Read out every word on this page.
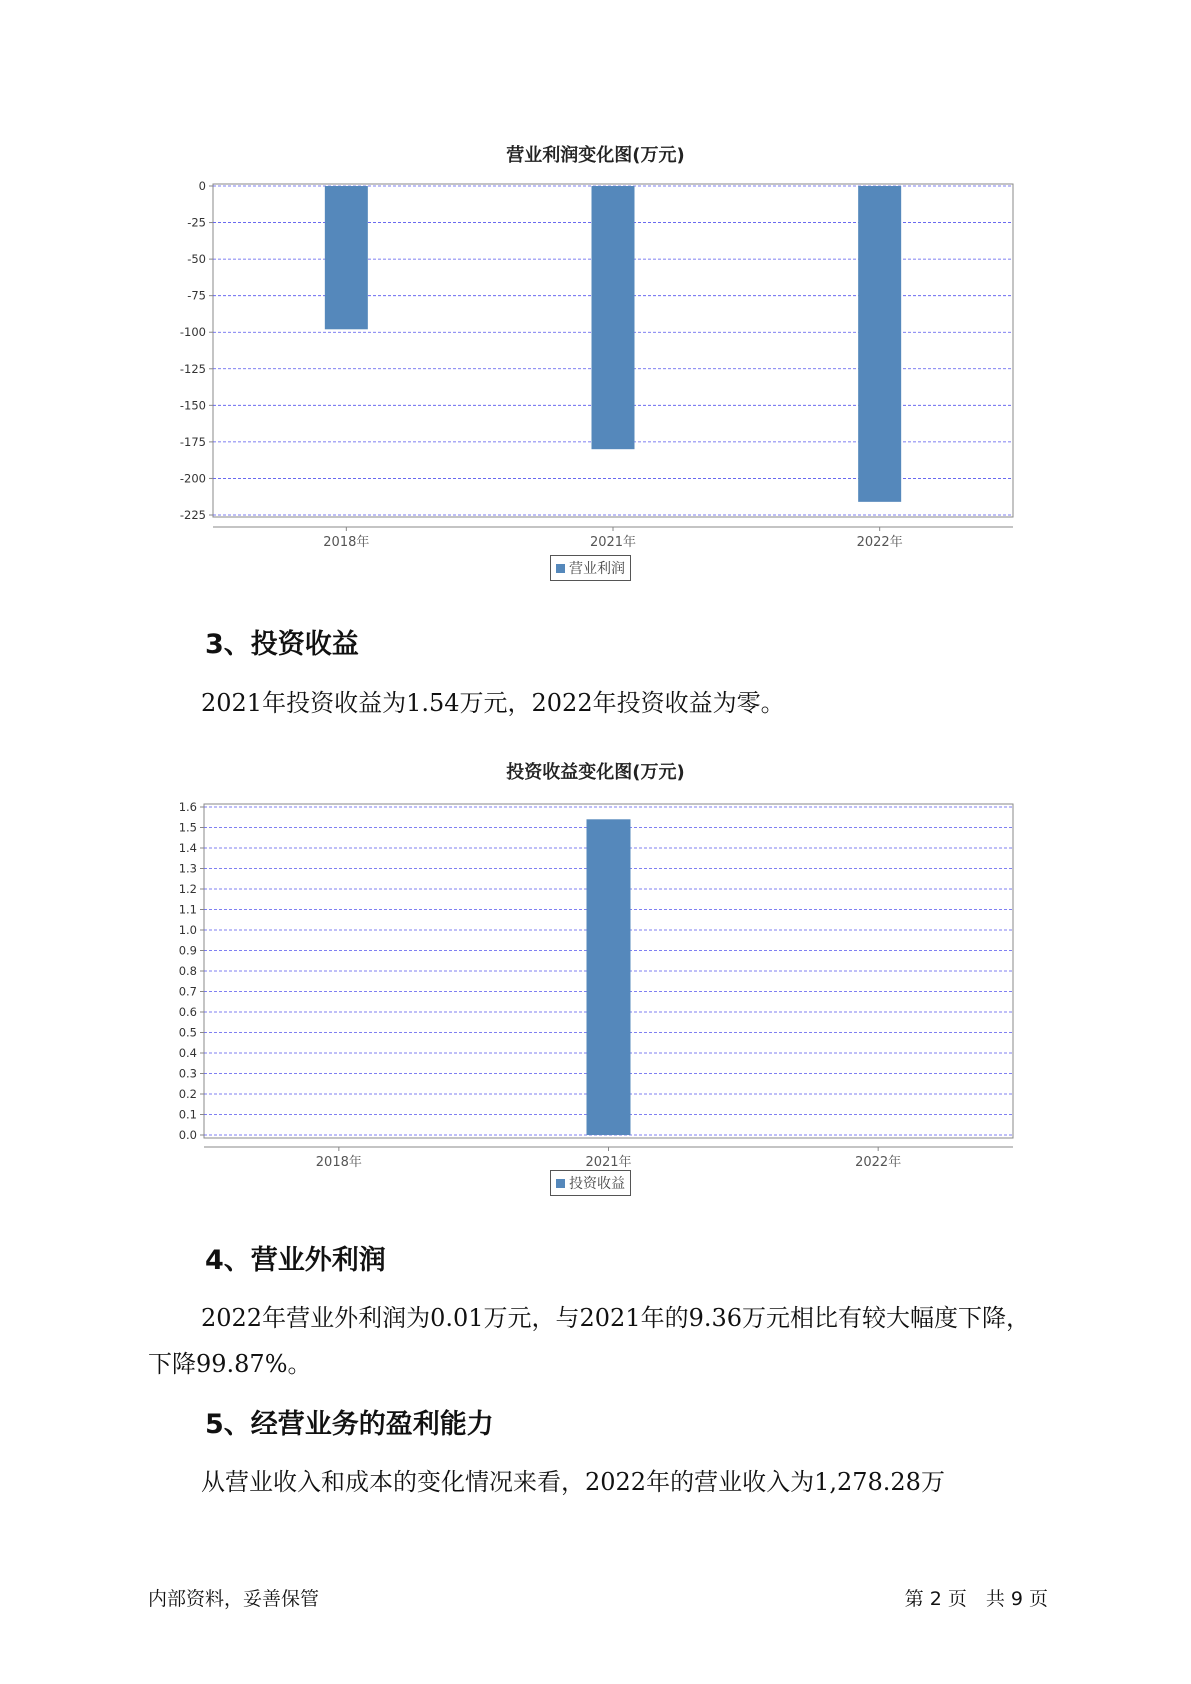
营业利润变化图(万元)
0
-25
-50
-75
-100
-125
-150
-175
-200
-225
2018年	2021年	2022年
营业利润
3、投资收益
2021年投资收益为1.54万元，2022年投资收益为零。
投资收益变化图(万元)
0.0
0.1
0.2
0.3
0.4
0.5
0.6
0.7
0.8
0.9
1.0
1.1
1.2
1.3
1.4
1.5
1.6
2018年	2021年	2022年
投资收益
4、营业外利润
2022年营业外利润为0.01万元，与2021年的9.36万元相比有较大幅度下降，下降99.87%。
5、经营业务的盈利能力
从营业收入和成本的变化情况来看，2022年的营业收入为1,278.28万
内部资料，妥善保管	第 2 页　共 9 页
